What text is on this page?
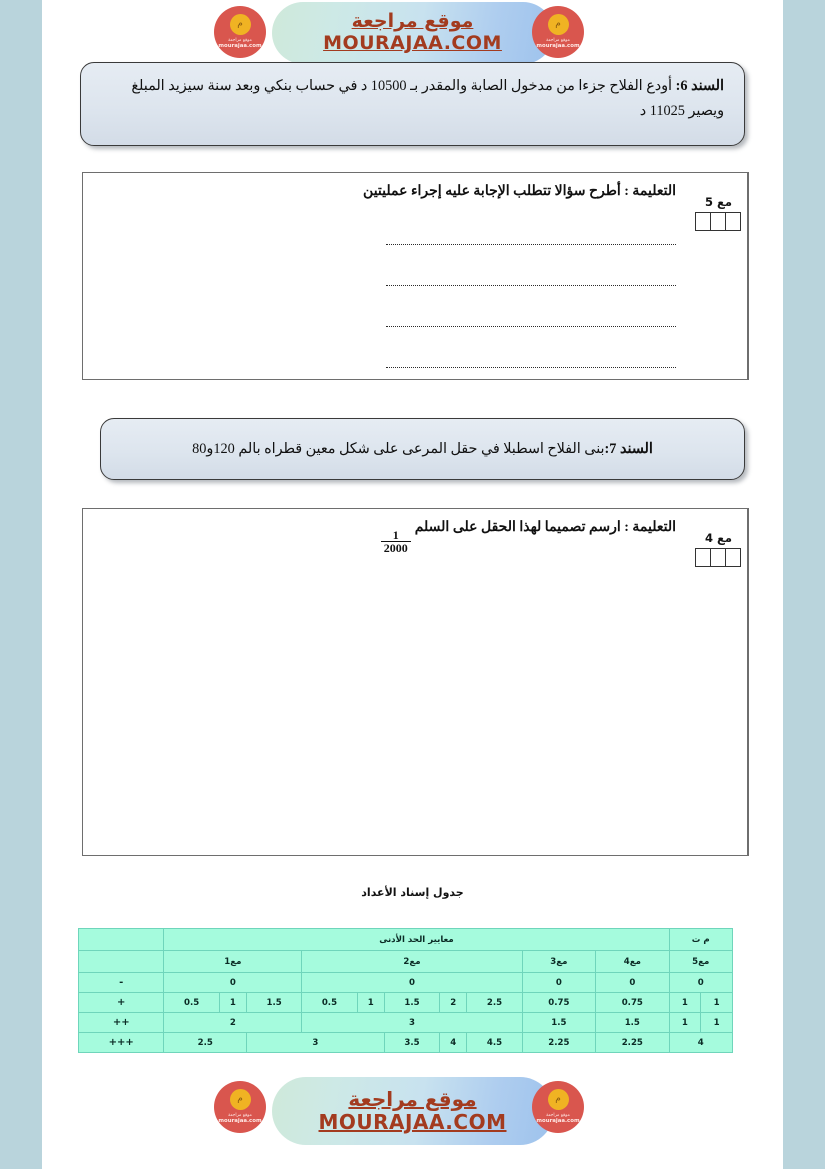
موقع مراجعة
MOURAJAA.COM
م
موقع مراجعة
mourajaa.com
م
موقع مراجعة
mourajaa.com
السند 6: أودع الفلاح جزءا من مدخول الصابة والمقدر بـ 10500 د في حساب بنكي وبعد سنة سيزيد المبلغ ويصير 11025 د
مع 5
التعليمة : أطرح سؤالا تتطلب الإجابة عليه إجراء عمليتين
السند 7:بنى الفلاح اسطبلا في حقل المرعى على شكل معين قطراه بالم 120و80
مع 4
التعليمة : ارسم تصميما لهذا الحقل على السلم
$\frac{1}{2000}$
جدول إسناد الأعداد
م ت		معايير الحد الأدنى										
مع5		مع4	مع3	مع2					مع1			
0		0	0	0					0			-
1	1	0.75	0.75	2.5	2	1.5	1	0.5	1.5	1	0.5	+
1	1	1.5	1.5	3					2			++
4		2.25	2.25	4.5	4	3.5	3			2.5		+++
موقع مراجعة
MOURAJAA.COM
م
موقع مراجعة
mourajaa.com
م
موقع مراجعة
mourajaa.com
